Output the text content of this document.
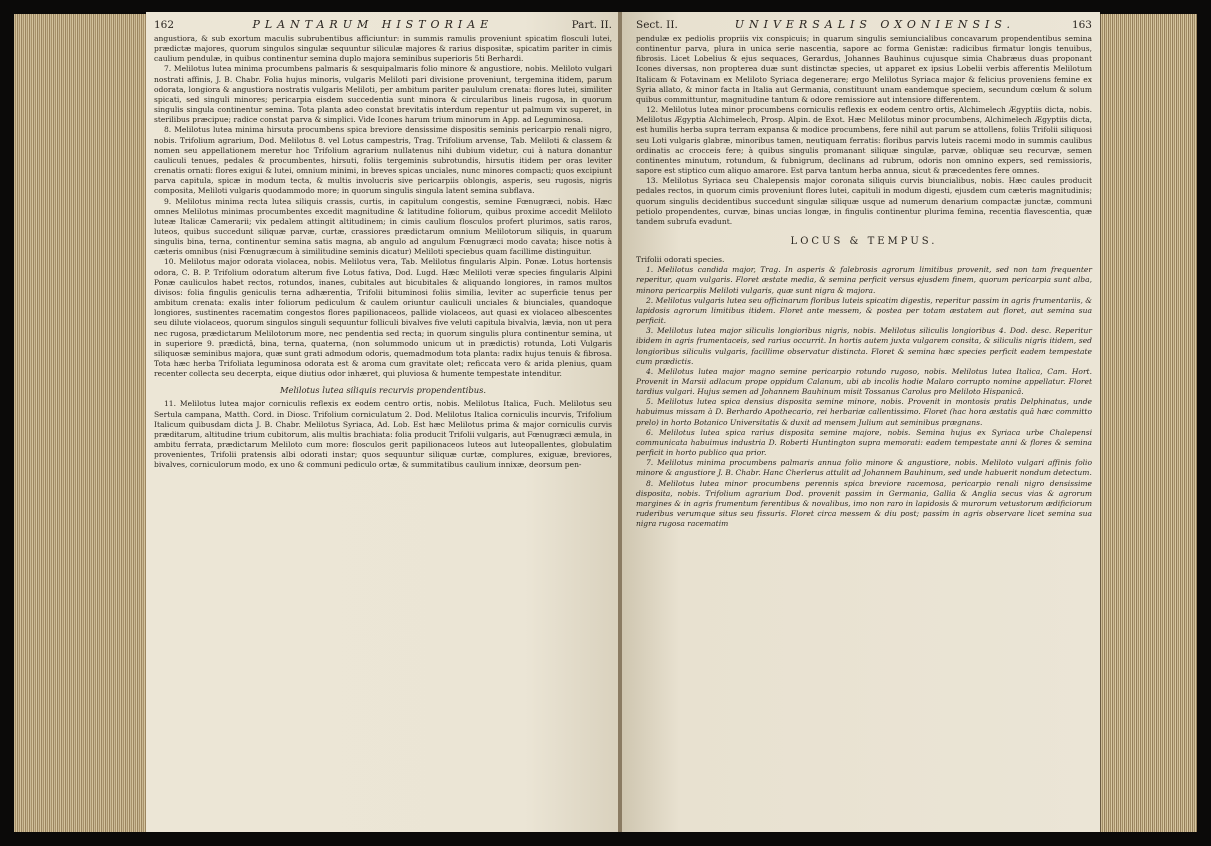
162	PLANTARUM HISTORIAE	Part. II.

angustiora, & sub exortum maculis subrubentibus afficiuntur: in summis ramulis proveniunt spicatim flosculi lutei, prædictæ majores, quorum singulos singulæ sequuntur siliculæ majores & rarius dispositæ, spicatim pariter in cimis caulium pendulæ, in quibus continentur semina duplo majora seminibus superioris 5ti Berhardi.

7. Melilotus lutea minima procumbens palmaris & sesquipalmaris folio minore & angustiore, nobis. Meliloto vulgari nostrati affinis, J. B. Chabr. Folia hujus minoris, vulgaris Meliloti pari divisione proveniunt, tergemina itidem, parum odorata, longiora & angustiora nostratis vulgaris Meliloti, per ambitum pariter paululum crenata: flores lutei, similiter spicati, sed singuli minores; pericarpia eisdem succedentia sunt minora & circularibus lineis rugosa, in quorum singulis singula continentur semina. Tota planta adeo constat brevitatis interdum repentur ut palmum vix superet, in sterilibus præcipue; radice constat parva & simplici. Vide Icones harum trium minorum in App. ad Leguminosa.

8. Melilotus lutea minima hirsuta procumbens spica breviore densissime dispositis seminis pericarpio renali nigro, nobis. Trifolium agrarium, Dod. Melilotus 8. vel Lotus campestris, Trag. Trifolium arvense, Tab. Meliloti & classem & nomen seu appellationem meretur hoc Trifolium agrarium nullatenus nihi dubium videtur, cui à natura donantur cauliculi tenues, pedales & procumbentes, hirsuti, foliis tergeminis subrotundis, hirsutis itidem per oras leviter crenatis ornati: flores exigui & lutei, omnium minimi, in breves spicas unciales, nunc minores compacti; quos excipiunt parva capitula, spicæ in modum tecta, & multis involucris sive pericarpiis oblongis, asperis, seu rugosis, nigris composita, Meliloti vulgaris quodammodo more; in quorum singulis singula latent semina subflava.

9. Melilotus minima recta lutea siliquis crassis, curtis, in capitulum congestis, semine Fœnugræci, nobis. Hæc omnes Melilotus minimas procumbentes excedit magnitudine & latitudine foliorum, quibus proxime accedit Meliloto luteæ Italicæ Camerarii; vix pedalem attingit altitudinem; in cimis caulium flosculos profert plurimos, satis raros, luteos, quibus succedunt siliquæ parvæ, curtæ, crassiores prædictarum omnium Melilotorum siliquis, in quarum singulis bina, terna, continentur semina satis magna, ab angulo ad angulum Fœnugræci modo cavata; hisce notis à cæteris omnibus (nisi Fœnugræcum à similitudine seminis dicatur) Meliloti speciebus quam facillime distinguitur.

10. Melilotus major odorata violacea, nobis. Melilotus vera, Tab. Melilotus fingularis Alpin. Ponæ. Lotus hortensis odora, C. B. P. Trifolium odoratum alterum five Lotus fativa, Dod. Lugd. Hæc Meliloti veræ species fingularis Alpini Ponæ cauliculos habet rectos, rotundos, inanes, cubitales aut bicubitales & aliquando longiores, in ramos multos divisos: folia fingulis geniculis terna adhærentia, Trifolii bituminosi foliis similia, leviter ac superficie tenus per ambitum crenata: exalis inter foliorum pediculum & caulem oriuntur cauliculi unciales & biunciales, quandoque longiores, sustinentes racematim congestos flores papilionaceos, pallide violaceos, aut quasi ex violaceo albescentes seu dilute violaceos, quorum singulos singuli sequuntur folliculi bivalves five veluti capitula bivalvia, lævia, non ut pera nec rugosa, prædictarum Melilotorum more, nec pendentia sed recta; in quorum singulis plura continentur semina, ut in superiore 9. prædictâ, bina, terna, quaterna, (non solummodo unicum ut in prædictis) rotunda, Loti Vulgaris siliquosæ seminibus majora, quæ sunt grati admodum odoris, quemadmodum tota planta: radix hujus tenuis & fibrosa. Tota hæc herba Trifoliata leguminosa odorata est & aroma cum gravitate olet; reficcata vero & arida plenius, quam recenter collecta seu decerpta, eique diutius odor inhæret, qui pluviosa & humente tempestate intenditur.

Melilotus lutea siliquis recurvis propendentibus.

11. Melilotus lutea major corniculis reflexis ex eodem centro ortis, nobis. Melilotus Italica, Fuch. Melilotus seu Sertula campana, Matth. Cord. in Diosc. Trifolium corniculatum 2. Dod. Melilotus Italica corniculis incurvis, Trifolium Italicum quibusdam dicta J. B. Chabr. Melilotus Syriaca, Ad. Lob. Est hæc Melilotus prima & major corniculis curvis præditarum, altitudine trium cubitorum, alis multis brachiata: folia producit Trifolii vulgaris, aut Fœnugræci æmula, in ambitu ferrata, prædictarum Meliloto cum more: flosculos gerit papilionaceos luteos aut luteopallentes, globulatim provenientes, Trifolii pratensis albi odorati instar; quos sequuntur siliquæ curtæ, complures, exiguæ, breviores, bivalves, corniculorum modo, ex uno & communi pediculo ortæ, & summitatibus caulium innixæ, deorsum pen-

Sect. II.	UNIVERSALIS OXONIENSIS.	163

pendulæ ex pediolis propriis vix conspicuis; in quarum singulis semiuncialibus concavarum propendentibus semina continentur parva, plura in unica serie nascentia, sapore ac forma Genistæ: radicibus firmatur longis tenuibus, fibrosis. Licet Lobelius & ejus sequaces, Gerardus, Johannes Bauhinus cujusque simia Chabræus duas proponant Icones diversas, non propterea duæ sunt distinctæ species, ut apparet ex ipsius Lobelii verbis afferentis Melilotum Italicam & Fotavinam ex Meliloto Syriaca degenerare; ergo Melilotus Syriaca major & felicius proveniens femine ex Syria allato, & minor facta in Italia aut Germania, constituunt unam eandemque speciem, secundum cœlum & solum quibus committuntur, magnitudine tantum & odore remissiore aut intensiore differentem.

12. Melilotus lutea minor procumbens corniculis reflexis ex eodem centro ortis, Alchimelech Ægyptiis dicta, nobis. Melilotus Ægyptia Alchimelech, Prosp. Alpin. de Exot. Hæc Melilotus minor procumbens, Alchimelech Ægyptiis dicta, est humilis herba supra terram expansa & modice procumbens, fere nihil aut parum se attollens, foliis Trifolii siliquosi seu Loti vulgaris glabræ, minoribus tamen, neutiquam ferratis: floribus parvis luteis racemi modo in summis caulibus ordinatis ac crocceis fere; à quibus singulis promanant siliquæ singulæ, parvæ, obliquæ seu recurvæ, semen continentes minutum, rotundum, & fubnigrum, declinans ad rubrum, odoris non omnino expers, sed remissioris, sapore est stiptico cum aliquo amarore. Est parva tantum herba annua, sicut & præcedentes fere omnes.

13. Melilotus Syriaca seu Chalepensis major coronata siliquis curvis biuncialibus, nobis. Hæc caules producit pedales rectos, in quorum cimis proveniunt flores lutei, capituli in modum digesti, ejusdem cum cæteris magnitudinis; quorum singulis decidentibus succedunt singulæ siliquæ usque ad numerum denarium compactæ junctæ, communi petiolo propendentes, curvæ, binas uncias longæ, in fingulis continentur plurima femina, recentia flavescentia, quæ tandem subrufa evadunt.

LOCUS & TEMPUS.

Trifolii odorati species.

1. Melilotus candida major, Trag. In asperis & falebrosis agrorum limitibus provenit, sed non tam frequenter reperitur, quam vulgaris. Floret æstate media, & semina perficit versus ejusdem finem, quorum pericarpia sunt alba, minora pericarpiis Meliloti vulgaris, quæ sunt nigra & majora.

2. Melilotus vulgaris lutea seu officinarum floribus luteis spicatim digestis, reperitur passim in agris frumentariis, & lapidosis agrorum limitibus itidem. Floret ante messem, & postea per totam æstatem aut floret, aut semina sua perficit.

3. Melilotus lutea major siliculis longioribus nigris, nobis. Melilotus siliculis longioribus 4. Dod. desc. Reperitur ibidem in agris frumentaceis, sed rarius occurrit. In hortis autem juxta vulgarem consita, & siliculis nigris itidem, sed longioribus siliculis vulgaris, facillime observatur distincta. Floret & semina hæc species perficit eadem tempestate cum prædictis.

4. Melilotus lutea major magno semine pericarpio rotundo rugoso, nobis. Melilotus lutea Italica, Cam. Hort. Provenit in Marsii adlacum prope oppidum Calanum, ubi ab incolis hodie Malaro corrupto nomine appellatur. Floret tardius vulgari. Hujus semen ad Johannem Bauhinum misit Tossanus Carolus pro Meliloto Hispanicâ.

5. Melilotus lutea spica densius disposita semine minore, nobis. Provenit in montosis pratis Delphinatus, unde habuimus missam à D. Berhardo Apothecario, rei herbariæ callentissimo. Floret (hac hora æstatis quâ hæc committo prelo) in horto Botanico Universitatis & duxit ad mensem Julium aut seminibus prægnans.

6. Melilotus lutea spica rarius disposita semine majore, nobis. Semina hujus ex Syriaca urbe Chalepensi communicata habuimus industria D. Roberti Huntington supra memorati: eadem tempestate anni & flores & semina perficit in horto publico qua prior.

7. Melilotus minima procumbens palmaris annua folio minore & angustiore, nobis. Meliloto vulgari affinis folio minore & angustiore J. B. Chabr. Hanc Cherlerus attulit ad Johannem Bauhinum, sed unde habuerit nondum detectum.

8. Melilotus lutea minor procumbens perennis spica breviore racemosa, pericarpio renali nigro densissime disposita, nobis. Trifolium agrarium Dod. provenit passim in Germania, Gallia & Anglia secus vias & agrorum margines & in agris frumentum ferentibus & novalibus, imo non raro in lapidosis & murorum vetustorum ædificiorum ruderibus verumque situs seu fissuris. Floret circa messem & diu post; passim in agris observare licet semina sua nigra rugosa racematim
